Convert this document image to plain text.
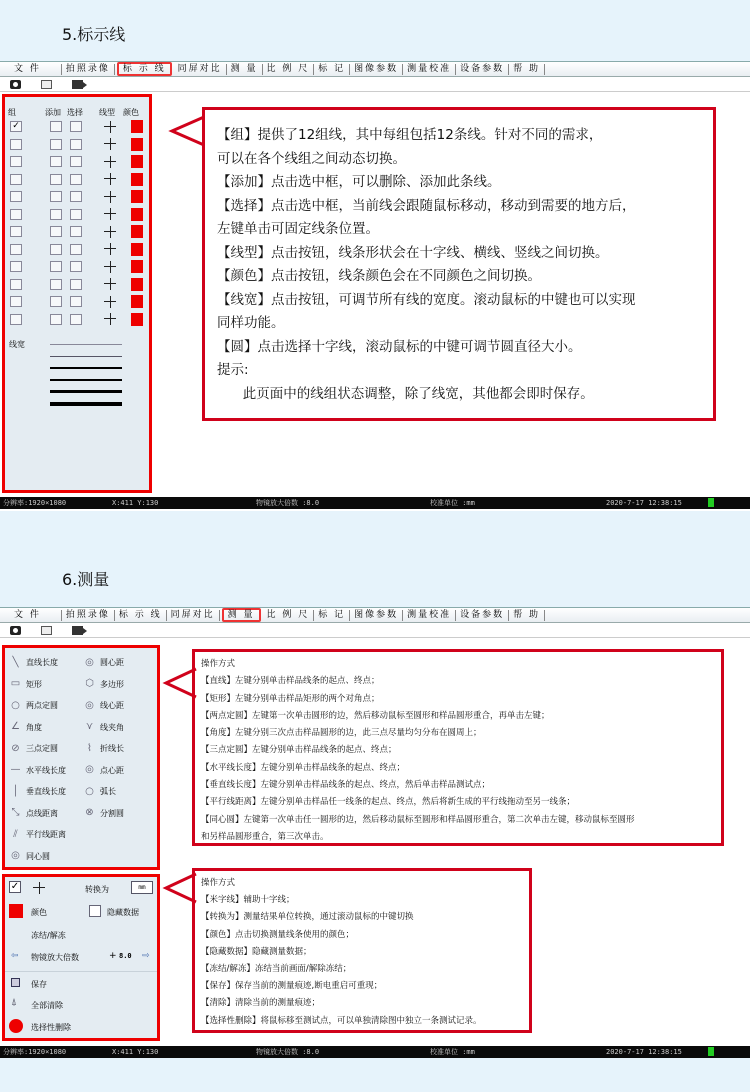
5.标示线
文 件	拍照录像	标 示 线	同屏对比	测 量	比 例 尺	标 记	图像参数	测量校准	设备参数	帮 助
组	添加 选择	线型	颜色
✓
线宽
【组】提供了12组线，其中每组包括12条线。针对不同的需求，
可以在各个线组之间动态切换。
【添加】点击选中框，可以删除、添加此条线。
【选择】点击选中框，当前线会跟随鼠标移动，移动到需要的地方后，
左键单击可固定线条位置。
【线型】点击按钮，线条形状会在十字线、横线、竖线之间切换。
【颜色】点击按钮，线条颜色会在不同颜色之间切换。
【线宽】点击按钮，可调节所有线的宽度。滚动鼠标的中键也可以实现
同样功能。
【圆】点击选择十字线，滚动鼠标的中键可调节圆直径大小。
提示:
此页面中的线组状态调整，除了线宽，其他都会即时保存。
分辨率:1920×1080	X:411 Y:130	物镜放大倍数 :8.0	校准单位 :mm	2020-7-17 12:38:15
6.测量
文 件	拍照录像	标 示 线	同屏对比	测 量	比 例 尺	标 记	图像参数	测量校准	设备参数	帮 助
╲ 直线长度	◎ 圆心距
▭ 矩形	⬡ 多边形
○ 两点定圆	◎ 线心距
∠ 角度	⋎ 线夹角
⊘ 三点定圆	⌇	折线长
— 水平线长度 ◎ 点心距
│ 垂直线长度 ○ 弧长
⤡ 点线距离	⊗ 分割圆
⫽	平行线距离
◎ 同心圆
✓	转换为	mm
颜色	隐藏数据
冻结/解冻
⇦ 物镜放大倍数	+ 8.0 ⇨
保存
⍋ 全部清除
选择性删除
操作方式
【直线】左键分别单击样品线条的起点、终点；
【矩形】左键分别单击样品矩形的两个对角点；
【两点定圆】左键第一次单击圆形的边，然后移动鼠标至圆形和样品圆形重合，再单击左键；
【角度】左键分别三次点击样品圆形的边，此三点尽量均匀分布在圆周上；
【三点定圆】左键分别单击样品线条的起点、终点；
【水平线长度】左键分别单击样品线条的起点、终点；
【垂直线长度】左键分别单击样品线条的起点、终点，然后单击样品测试点；
【平行线距离】左键分别单击样品任一线条的起点、终点，然后将新生成的平行线拖动至另一线条；
【同心圆】左键第一次单击任一圆形的边，然后移动鼠标至圆形和样品圆形重合，第二次单击左键，移动鼠标至圆形
和另样品圆形重合，第三次单击。
操作方式
【米字线】辅助十字线；
【转换为】测量结果单位转换，通过滚动鼠标的中键切换
【颜色】点击切换测量线条使用的颜色；
【隐藏数据】隐藏测量数据；
【冻结/解冻】冻结当前画面/解除冻结；
【保存】保存当前的测量痕迹,断电重启可重现；
【清除】清除当前的测量痕迹；
【选择性删除】将鼠标移至测试点，可以单独清除图中独立一条测试记录。
分辨率:1920×1080	X:411 Y:130	物镜放大倍数 :8.0	校准单位 :mm	2020-7-17 12:38:15
